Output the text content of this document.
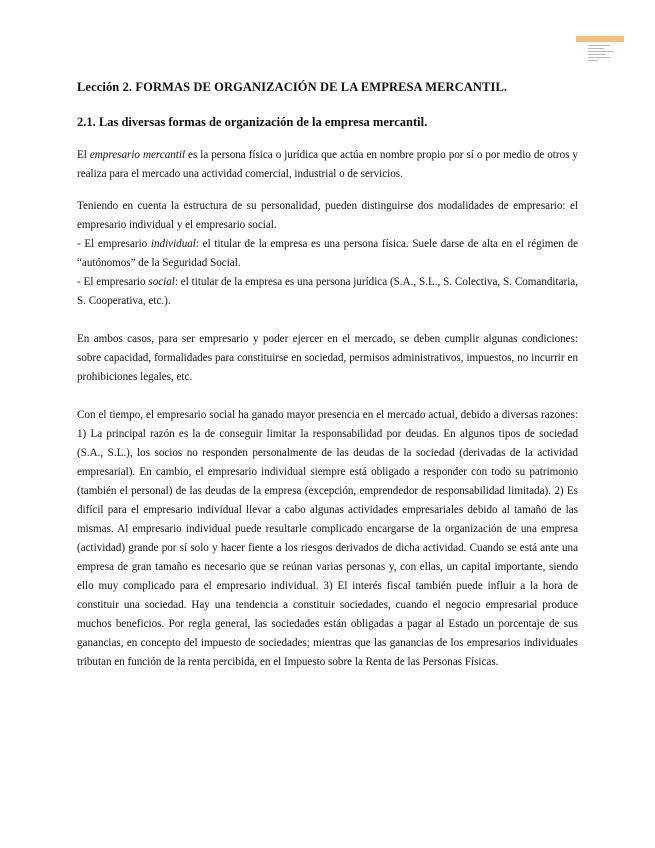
Lección 2. FORMAS DE ORGANIZACIÓN DE LA EMPRESA MERCANTIL.
2.1. Las diversas formas de organización de la empresa mercantil.

El empresario mercantil es la persona física o jurídica que actúa en nombre propio por sí o por medio de otros y realiza para el mercado una actividad comercial, industrial o de servicios.

Teniendo en cuenta la estructura de su personalidad, pueden distinguirse dos modalidades de empresario: el empresario individual y el empresario social.

- El empresario individual: el titular de la empresa es una persona física. Suele darse de alta en el régimen de “autónomos” de la Seguridad Social.

- El empresario social: el titular de la empresa es una persona jurídica (S.A., S.L., S. Colectiva, S. Comanditaria, S. Cooperativa, etc.).

En ambos casos, para ser empresario y poder ejercer en el mercado, se deben cumplir algunas condiciones: sobre capacidad, formalidades para constituirse en sociedad, permisos administrativos, impuestos, no incurrir en prohibiciones legales, etc.

Con el tiempo, el empresario social ha ganado mayor presencia en el mercado actual, debido a diversas razones: 1) La principal razón es la de conseguir limitar la responsabilidad por deudas. En algunos tipos de sociedad (S.A., S.L.), los socios no responden personalmente de las deudas de la sociedad (derivadas de la actividad empresarial). En cambio, el empresario individual siempre está obligado a responder con todo su patrimonio (también el personal) de las deudas de la empresa (excepción, emprendedor de responsabilidad limitada). 2) Es difícil para el empresario individual llevar a cabo algunas actividades empresariales debido al tamaño de las mismas. Al empresario individual puede resultarle complicado encargarse de la organización de una empresa (actividad) grande por sí solo y hacer fiente a los riesgos derivados de dicha actividad. Cuando se está ante una empresa de gran tamaño es necesario que se reúnan varias personas y, con ellas, un capital importante, siendo ello muy complicado para el empresario individual. 3) El interés fiscal también puede influir a la hora de constituir una sociedad. Hay una tendencia a constituir sociedades, cuando el negocio empresarial produce muchos beneficios. Por regla general, las sociedades están obligadas a pagar al Estado un porcentaje de sus ganancias, en concepto del impuesto de sociedades; mientras que las ganancias de los empresarios individuales tributan en función de la renta percibida, en el Impuesto sobre la Renta de las Personas Físicas.
